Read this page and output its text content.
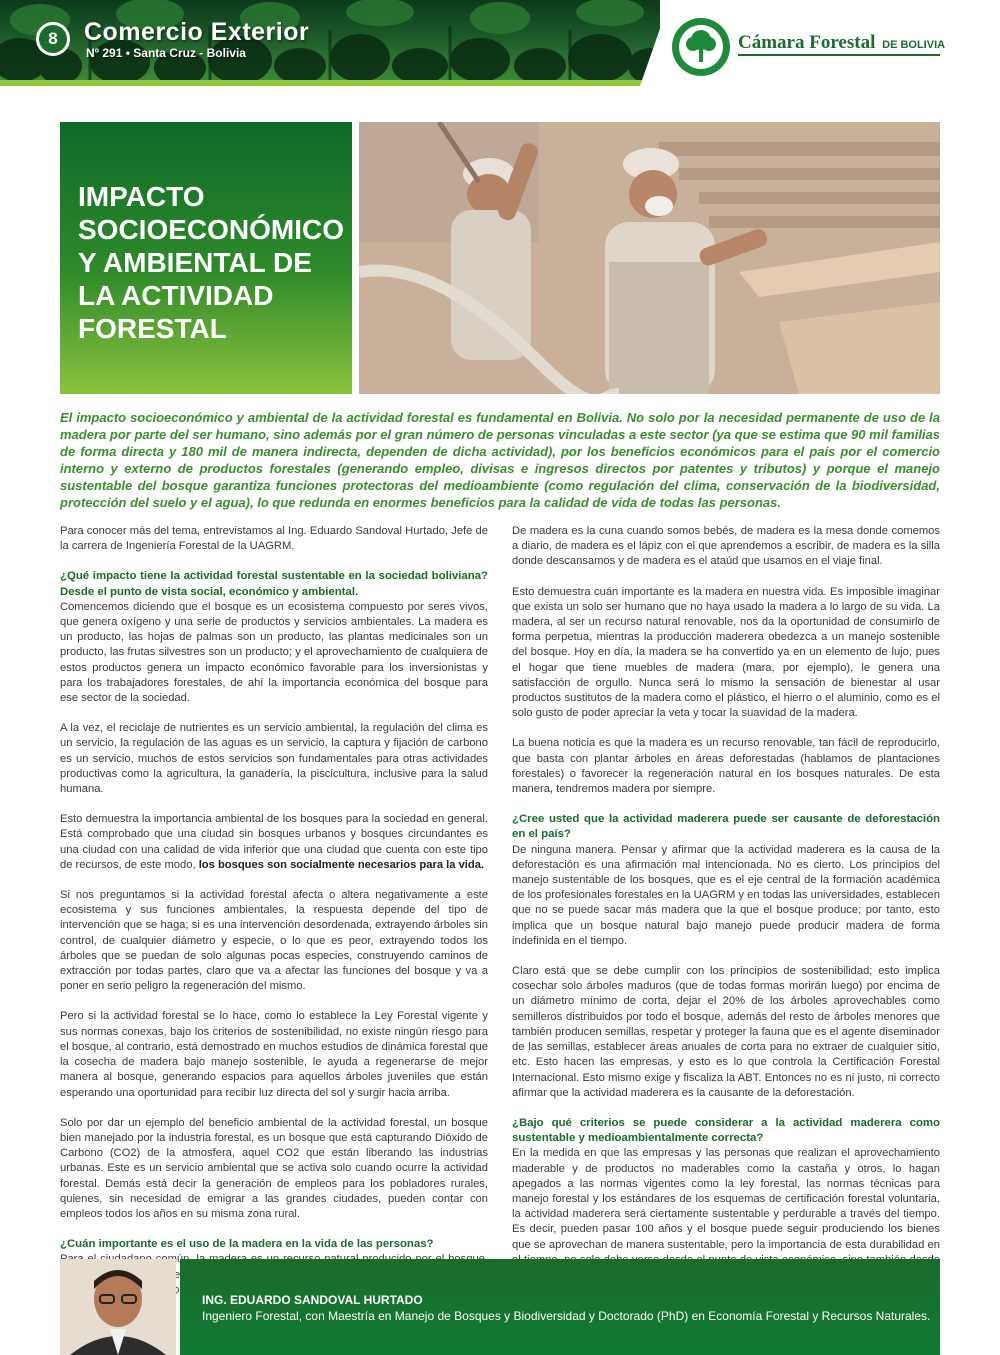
8	Comercio Exterior
Nº 291 • Santa Cruz - Bolivia	Cámara Forestal DE BOLIVIA
IMPACTO SOCIOECONÓMICO Y AMBIENTAL DE LA ACTIVIDAD FORESTAL
El impacto socioeconómico y ambiental de la actividad forestal es fundamental en Bolivia. No solo por la necesidad permanente de uso de la madera por parte del ser humano, sino además por el gran número de personas vinculadas a este sector (ya que se estima que 90 mil familias de forma directa y 180 mil de manera indirecta, dependen de dicha actividad), por los beneficios económicos para el país por el comercio interno y externo de productos forestales (generando empleo, divisas e ingresos directos por patentes y tributos) y porque el manejo sustentable del bosque garantiza funciones protectoras del medioambiente (como regulación del clima, conservación de la biodiversidad, protección del suelo y el agua), lo que redunda en enormes beneficios para la calidad de vida de todas las personas.

Para conocer más del tema, entrevistamos al Ing. Eduardo Sandoval Hurtado, Jefe de la carrera de Ingeniería Forestal de la UAGRM.

¿Qué impacto tiene la actividad forestal sustentable en la sociedad boliviana? Desde el punto de vista social, económico y ambiental.

Comencemos diciendo que el bosque es un ecosistema compuesto por seres vivos, que genera oxígeno y una serie de productos y servicios ambientales. La madera es un producto, las hojas de palmas son un producto, las plantas medicinales son un producto, las frutas silvestres son un producto; y el aprovechamiento de cualquiera de estos productos genera un impacto económico favorable para los inversionistas y para los trabajadores forestales, de ahí la importancia económica del bosque para ese sector de la sociedad.

A la vez, el reciclaje de nutrientes es un servicio ambiental, la regulación del clima es un servicio, la regulación de las aguas es un servicio, la captura y fijación de carbono es un servicio, muchos de estos servicios son fundamentales para otras actividades productivas como la agricultura, la ganadería, la piscicultura, inclusive para la salud humana.

Esto demuestra la importancia ambiental de los bosques para la sociedad en general. Está comprobado que una ciudad sin bosques urbanos y bosques circundantes es una ciudad con una calidad de vida inferior que una ciudad que cuenta con este tipo de recursos, de este modo, los bosques son socialmente necesarios para la vida.

Si nos preguntamos si la actividad forestal afecta o altera negativamente a este ecosistema y sus funciones ambientales, la respuesta depende del tipo de intervención que se haga; si es una intervención desordenada, extrayendo árboles sin control, de cualquier diámetro y especie, o lo que es peor, extrayendo todos los árboles que se puedan de solo algunas pocas especies, construyendo caminos de extracción por todas partes, claro que va a afectar las funciones del bosque y va a poner en serio peligro la regeneración del mismo.

Pero si la actividad forestal se lo hace, como lo establece la Ley Forestal vigente y sus normas conexas, bajo los criterios de sostenibilidad, no existe ningún riesgo para el bosque, al contrario, está demostrado en muchos estudios de dinámica forestal que la cosecha de madera bajo manejo sostenible, le ayuda a regenerarse de mejor manera al bosque, generando espacios para aquellos árboles juveniles que están esperando una oportunidad para recibir luz directa del sol y surgir hacia arriba.

Solo por dar un ejemplo del beneficio ambiental de la actividad forestal, un bosque bien manejado por la industria forestal, es un bosque que está capturando Dióxido de Carbono (CO2) de la atmosfera, aquel CO2 que están liberando las industrias urbanas. Este es un servicio ambiental que se activa solo cuando ocurre la actividad forestal. Demás está decir la generación de empleos para los pobladores rurales, quienes, sin necesidad de emigrar a las grandes ciudades, pueden contar con empleos todos los años en su misma zona rural.

¿Cuán importante es el uso de la madera en la vida de las personas?

De madera es la cuna cuando somos bebés, de madera es la mesa donde comemos a diario, de madera es el lápiz con el que aprendemos a escribir, de madera es la silla donde descansamos y de madera es el ataúd que usamos en el viaje final.

Esto demuestra cuán importante es la madera en nuestra vida. Es imposible imaginar que exista un solo ser humano que no haya usado la madera a lo largo de su vida. La madera, al ser un recurso natural renovable, nos da la oportunidad de consumirlo de forma perpetua, mientras la producción maderera obedezca a un manejo sostenible del bosque. Hoy en día, la madera se ha convertido ya en un elemento de lujo, pues el hogar que tiene muebles de madera (mara, por ejemplo), le genera una satisfacción de orgullo. Nunca será lo mismo la sensación de bienestar al usar productos sustitutos de la madera como el plástico, el hierro o el aluminio, como es el solo gusto de poder apreciar la veta y tocar la suavidad de la madera.

La buena noticia es que la madera es un recurso renovable, tan fácil de reproducirlo, que basta con plantar árboles en áreas deforestadas (hablamos de plantaciones forestales) o favorecer la regeneración natural en los bosques naturales. De esta manera, tendremos madera por siempre.

¿Cree usted que la actividad maderera puede ser causante de deforestación en el país?

De ninguna manera. Pensar y afirmar que la actividad maderera es la causa de la deforestación es una afirmación mal intencionada. No es cierto. Los principios del manejo sustentable de los bosques, que es el eje central de la formación académica de los profesionales forestales en la UAGRM y en todas las universidades, establecen que no se puede sacar más madera que la que el bosque produce; por tanto, esto implica que un bosque natural bajo manejo puede producir madera de forma indefinida en el tiempo.

Claro está que se debe cumplir con los principios de sostenibilidad; esto implica cosechar solo árboles maduros (que de todas formas morirán luego) por encima de un diámetro mínimo de corta, dejar el 20% de los árboles aprovechables como semilleros distribuidos por todo el bosque, además del resto de árboles menores que también producen semillas, respetar y proteger la fauna que es el agente diseminador de las semillas, establecer áreas anuales de corta para no extraer de cualquier sitio, etc. Esto hacen las empresas, y esto es lo que controla la Certificación Forestal Internacional. Esto mismo exige y fiscaliza la ABT. Entonces no es ni justo, ni correcto afirmar que la actividad maderera es la causante de la deforestación.

¿Bajo qué criterios se puede considerar a la actividad maderera como sustentable y medioambientalmente correcta?

En la medida en que las empresas y las personas que realizan el aprovechamiento maderable y de productos no maderables como la castaña y otros, lo hagan apegados a las normas vigentes como la ley forestal, las normas técnicas para manejo forestal y los estándares de los esquemas de certificación forestal voluntaria, la actividad maderera será ciertamente sustentable y perdurable a través del tiempo. Es decir, pueden pasar 100 años y el bosque puede seguir produciendo los bienes que se aprovechan de manera sustentable, pero la importancia de esta durabilidad en

ING. EDUARDO SANDOVAL HURTADO
Ingeniero Forestal, con Maestría en Manejo de Bosques y Biodiversidad y Doctorado (PhD) en Economía Forestal y Recursos Naturales.
